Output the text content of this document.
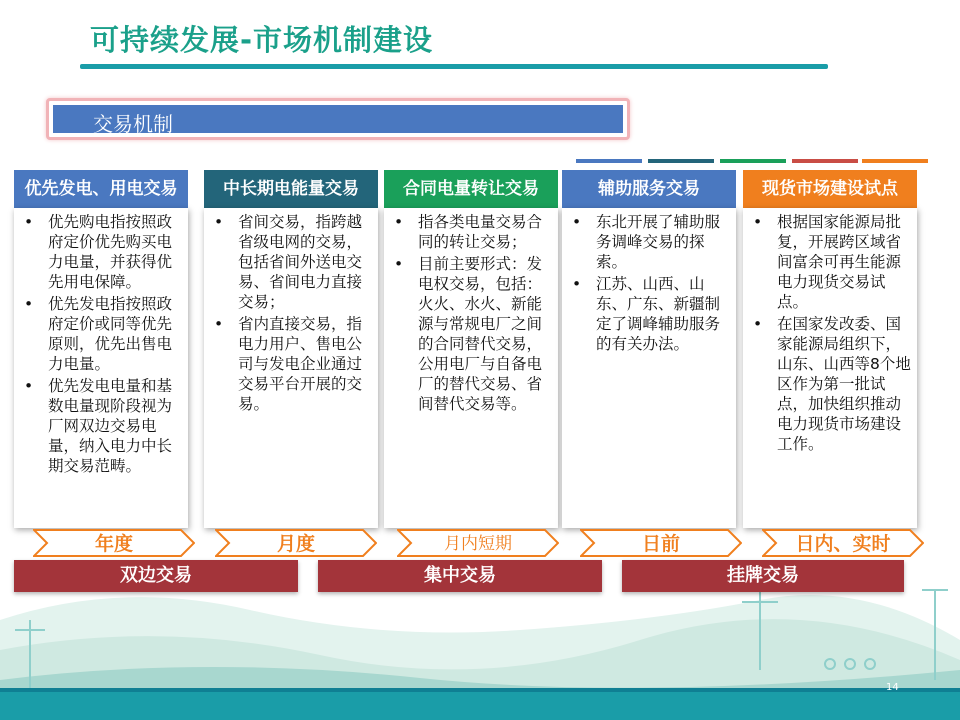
可持续发展-市场机制建设
交易机制
优先发电、用电交易
• 优先购电指按照政府定价优先购买电力电量，并获得优先用电保障。
• 优先发电指按照政府定价或同等优先原则，优先出售电力电量。
• 优先发电电量和基数电量现阶段视为厂网双边交易电量，纳入电力中长期交易范畴。
中长期电能量交易
• 省间交易，指跨越省级电网的交易，包括省间外送电交易、省间电力直接交易；
• 省内直接交易，指电力用户、售电公司与发电企业通过交易平台开展的交易。
合同电量转让交易
• 指各类电量交易合同的转让交易；
• 目前主要形式：发电权交易，包括：火火、水火、新能源与常规电厂之间的合同替代交易，公用电厂与自备电厂的替代交易、省间替代交易等。
辅助服务交易
• 东北开展了辅助服务调峰交易的探索。
• 江苏、山西、山东、广东、新疆制定了调峰辅助服务的有关办法。
现货市场建设试点
• 根据国家能源局批复，开展跨区域省间富余可再生能源电力现货交易试点。
• 在国家发改委、国家能源局组织下，山东、山西等8个地区作为第一批试点，加快组织推动电力现货市场建设工作。
年度	月度	月内短期	日前	日内、实时
双边交易	集中交易	挂牌交易
14
